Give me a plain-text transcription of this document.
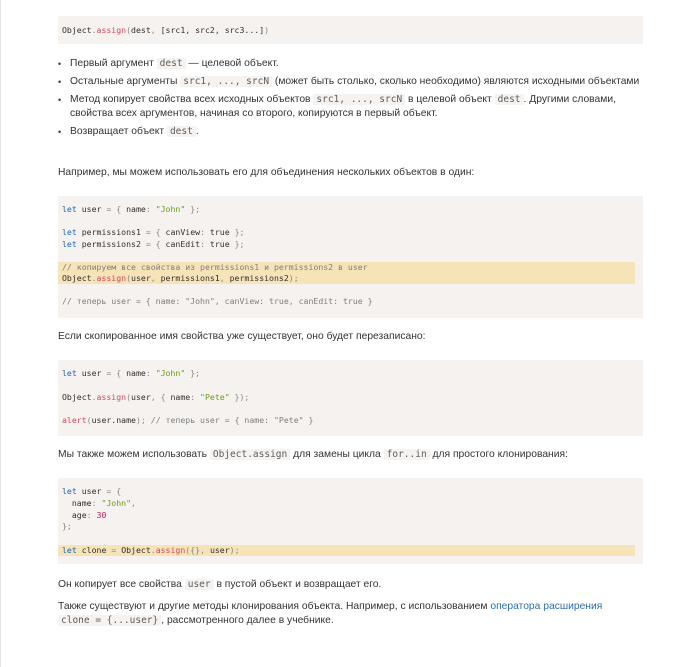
Object.assign(dest, [src1, src2, src3...])
• Первый аргумент dest — целевой объект.
• Остальные аргументы src1, ..., srcN (может быть столько, сколько необходимо) являются исходными объектами
• Метод копирует свойства всех исходных объектов src1, ..., srcN в целевой объект dest . Другими словами, свойства всех аргументов, начиная со второго, копируются в первый объект.
• Возвращает объект dest .
Например, мы можем использовать его для объединения нескольких объектов в один:
let user = { name: "John" };
let permissions1 = { canView: true };
let permissions2 = { canEdit: true };
// копируем все свойства из permissions1 и permissions2 в user
Object.assign(user, permissions1, permissions2);
// теперь user = { name: "John", canView: true, canEdit: true }
Если скопированное имя свойства уже существует, оно будет перезаписано:
let user = { name: "John" };
Object.assign(user, { name: "Pete" });
alert(user.name); // теперь user = { name: "Pete" }
Мы также можем использовать Object.assign для замены цикла for..in для простого клонирования:
let user = {
name: "John",
age: 30
};
let clone = Object.assign({}, user);
Он копирует все свойства user в пустой объект и возвращает его.
Также существуют и другие методы клонирования объекта. Например, с использованием оператора расширения
clone = {...user} , рассмотренного далее в учебнике.
